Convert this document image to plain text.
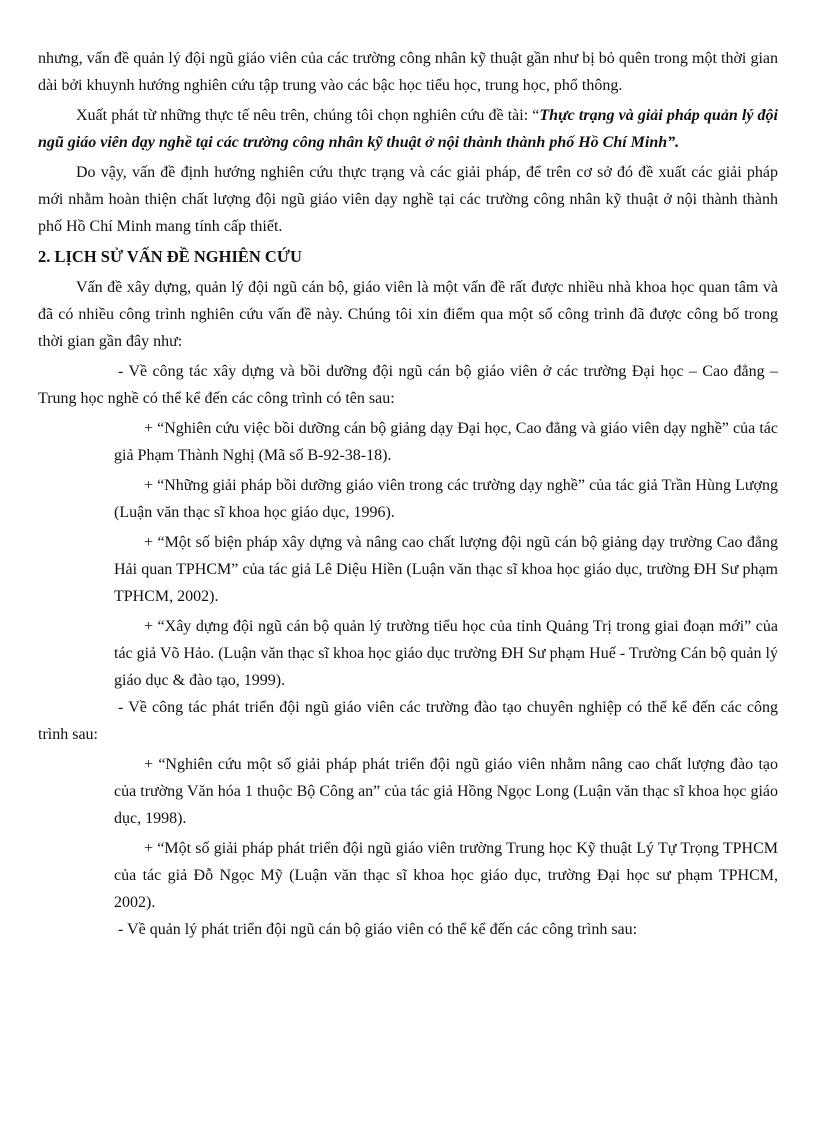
nhưng, vấn đề quản lý đội ngũ giáo viên của các trường công nhân kỹ thuật gần như bị bỏ quên trong một thời gian dài bởi khuynh hướng nghiên cứu tập trung vào các bậc học tiểu học, trung học, phổ thông.

Xuất phát từ những thực tế nêu trên, chúng tôi chọn nghiên cứu đề tài: “Thực trạng và giải pháp quản lý đội ngũ giáo viên dạy nghề tại các trường công nhân kỹ thuật ở nội thành thành phố Hồ Chí Minh”.

Do vậy, vấn đề định hướng nghiên cứu thực trạng và các giải pháp, để trên cơ sở đó đề xuất các giải pháp mới nhằm hoàn thiện chất lượng đội ngũ giáo viên dạy nghề tại các trường công nhân kỹ thuật ở nội thành thành phố Hồ Chí Minh mang tính cấp thiết.

2. LỊCH SỬ VẤN ĐỀ NGHIÊN CỨU

Vấn đề xây dựng, quản lý đội ngũ cán bộ, giáo viên là một vấn đề rất được nhiều nhà khoa học quan tâm và đã có nhiều công trình nghiên cứu vấn đề này. Chúng tôi xin điểm qua một số công trình đã được công bố trong thời gian gần đây như:

- Về công tác xây dựng và bồi dưỡng đội ngũ cán bộ giáo viên ở các trường Đại học – Cao đẳng – Trung học nghề có thể kể đến các công trình có tên sau:

+ “Nghiên cứu việc bồi dưỡng cán bộ giảng dạy Đại học, Cao đẳng và giáo viên dạy nghề” của tác giả Phạm Thành Nghị (Mã số B-92-38-18).

+ “Những giải pháp bồi dưỡng giáo viên trong các trường dạy nghề” của tác giả Trần Hùng Lượng (Luận văn thạc sĩ khoa học giáo dục, 1996).

+ “Một số biện pháp xây dựng và nâng cao chất lượng đội ngũ cán bộ giảng dạy trường Cao đẳng Hải quan TPHCM” của tác giả Lê Diệu Hiền (Luận văn thạc sĩ khoa học giáo dục, trường ĐH Sư phạm TPHCM, 2002).

+ “Xây dựng đội ngũ cán bộ quản lý trường tiểu học của tỉnh Quảng Trị trong giai đoạn mới” của tác giả Võ Hảo. (Luận văn thạc sĩ khoa học giáo dục trường ĐH Sư phạm Huế - Trường Cán bộ quản lý giáo dục & đào tạo, 1999).

- Về công tác phát triển đội ngũ giáo viên các trường đào tạo chuyên nghiệp có thể kể đến các công trình sau:

+ “Nghiên cứu một số giải pháp phát triển đội ngũ giáo viên nhằm nâng cao chất lượng đào tạo của trường Văn hóa 1 thuộc Bộ Công an” của tác giả Hồng Ngọc Long (Luận văn thạc sĩ khoa học giáo dục, 1998).

+ “Một số giải pháp phát triển đội ngũ giáo viên trường Trung học Kỹ thuật Lý Tự Trọng TPHCM của tác giả Đỗ Ngọc Mỹ (Luận văn thạc sĩ khoa học giáo dục, trường Đại học sư phạm TPHCM, 2002).

- Về quản lý phát triển đội ngũ cán bộ giáo viên có thể kể đến các công trình sau:
